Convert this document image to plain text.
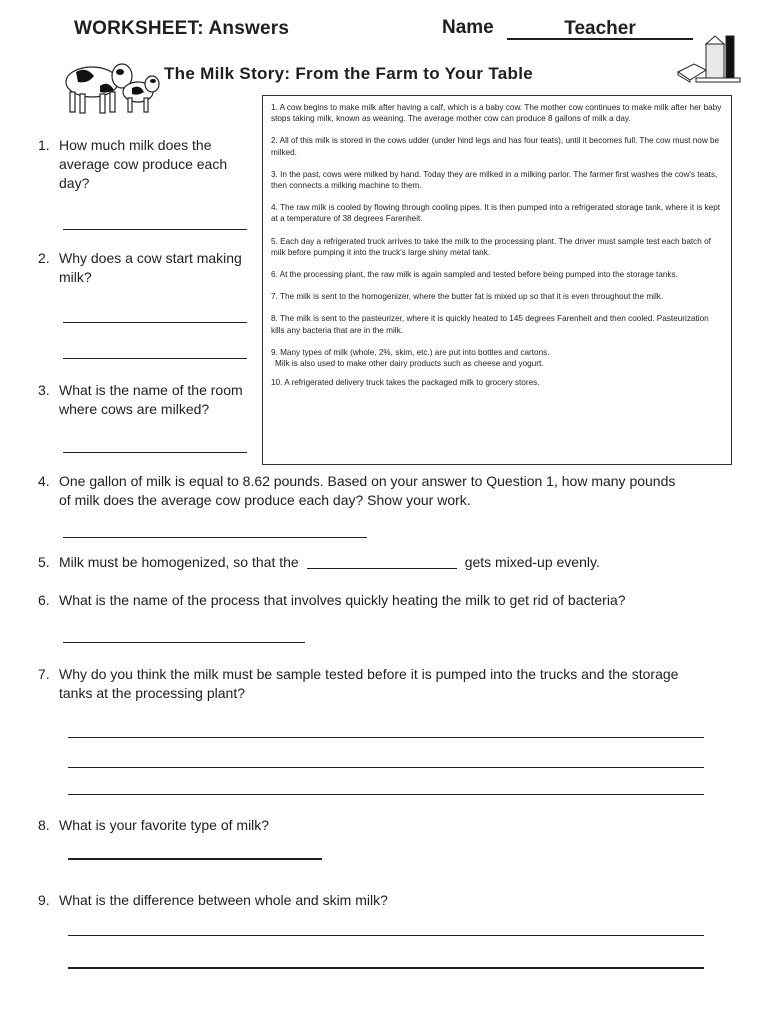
WORKSHEET: Answers	Name	Teacher
The Milk Story: From the Farm to Your Table

1. A cow begins to make milk after having a calf, which is a baby cow. The mother cow continues to make milk after her baby stops taking milk, known as weaning. The average mother cow can produce 8 gallons of milk a day.

2. All of this milk is stored in the cows udder (under hind legs and has four teats), until it becomes full. The cow must now be milked.

3. In the past, cows were milked by hand. Today they are milked in a milking parlor. The farmer first washes the cow's teats, then connects a milking machine to them.

4. The raw milk is cooled by flowing through cooling pipes. It is then pumped into a refrigerated storage tank, where it is kept at a temperature of 38 degrees Farenheit.

5. Each day a refrigerated truck arrives to take the milk to the processing plant. The driver must sample test each batch of milk before pumping it into the truck's large shiny metal tank.

6. At the processing plant, the raw milk is again sampled and tested before being pumped into the storage tanks.

7. The milk is sent to the homogenizer, where the butter fat is mixed up so that it is even throughout the milk.

8. The milk is sent to the pasteurizer, where it is quickly heated to 145 degrees Farenheit and then cooled. Pasteurization kills any bacteria that are in the milk.

9. Many types of milk (whole, 2%, skim, etc.) are put into bottles and cartons.

Milk is also used to make other dairy products such as cheese and yogurt.

10. A refrigerated delivery truck takes the packaged milk to grocery stores.

1. How much milk does the average cow produce each day?
2. Why does a cow start making milk?
3. What is the name of the room where cows are milked?
4. One gallon of milk is equal to 8.62 pounds. Based on your answer to Question 1, how many pounds of milk does the average cow produce each day? Show your work.
5. Milk must be homogenized, so that the	gets mixed-up evenly.
6. What is the name of the process that involves quickly heating the milk to get rid of bacteria?
7. Why do you think the milk must be sample tested before it is pumped into the trucks and the storage tanks at the processing plant?
8. What is your favorite type of milk?
9. What is the difference between whole and skim milk?
